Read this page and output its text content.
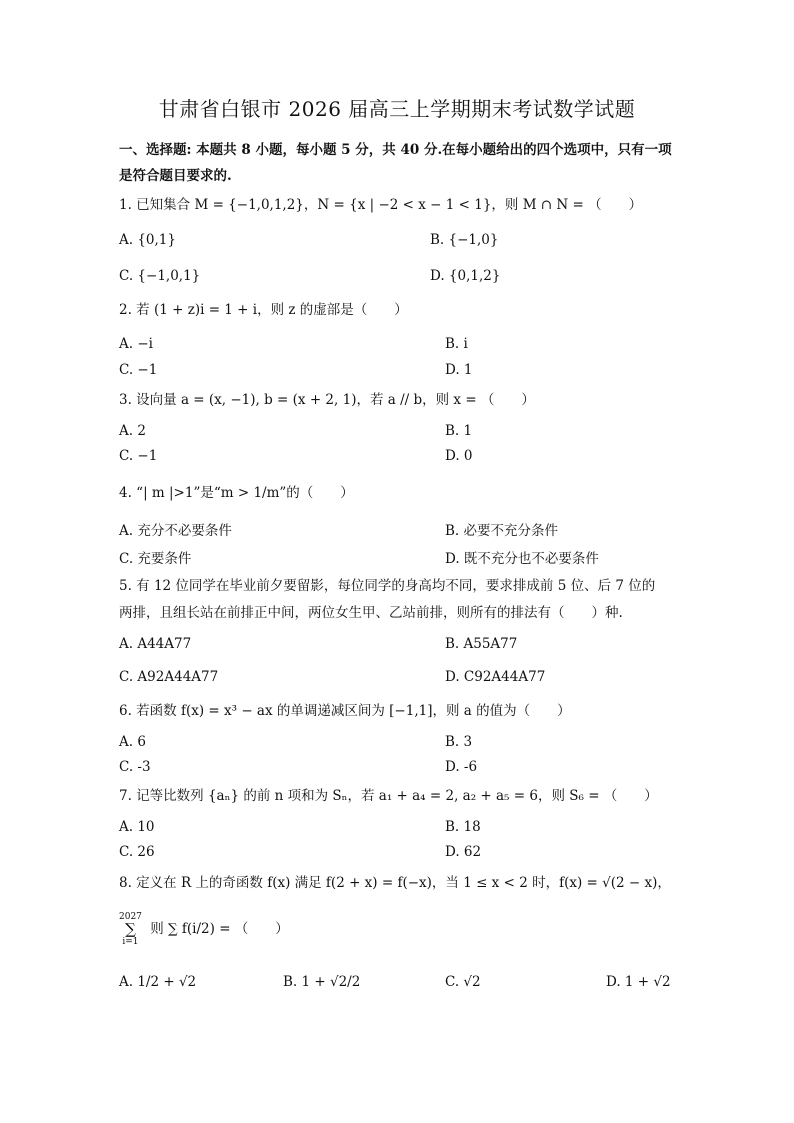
甘肃省白银市 2026 届高三上学期期末考试数学试题
一、选择题: 本题共 8 小题，每小题 5 分，共 40 分.在每小题给出的四个选项中，只有一项是符合题目要求的.
1. 已知集合 M = {−1,0,1,2}，N = {x | −2 < x − 1 < 1}，则 M ∩ N = （　　）
A. {0,1}	B. {−1,0}
C. {−1,0,1}	D. {0,1,2}
2. 若 (1 + z)i = 1 + i，则 z 的虚部是（　　）
A. −i	B. i
C. −1	D. 1
3. 设向量 a = (x, −1), b = (x + 2, 1)，若 a // b，则 x = （　　）
A. 2	B. 1
C. −1	D. 0
4. “| m |>1”是“m > 1/m”的（　　）
A. 充分不必要条件	B. 必要不充分条件
C. 充要条件	D. 既不充分也不必要条件
5. 有 12 位同学在毕业前夕要留影，每位同学的身高均不同，要求排成前 5 位、后 7 位的
两排，且组长站在前排正中间，两位女生甲、乙站前排，则所有的排法有（　　）种.
A. A44A77	B. A55A77
C. A92A44A77	D. C92A44A77
6. 若函数 f(x) = x³ − ax 的单调递减区间为 [−1,1]，则 a 的值为（　　）
A. 6	B. 3
C. -3	D. -6
7. 记等比数列 {aₙ} 的前 n 项和为 Sₙ，若 a₁ + a₄ = 2, a₂ + a₅ = 6，则 S₆ = （　　）
A. 10	B. 18
C. 26	D. 62
8. 定义在 R 上的奇函数 f(x) 满足 f(2 + x) = f(−x)，当 1 ≤ x < 2 时，f(x) = √(2 − x)，
2027
∑
i=1
则 ∑ f(i/2) = （　　）
A. 1/2 + √2	B. 1 + √2/2	C. √2	D. 1 + √2
